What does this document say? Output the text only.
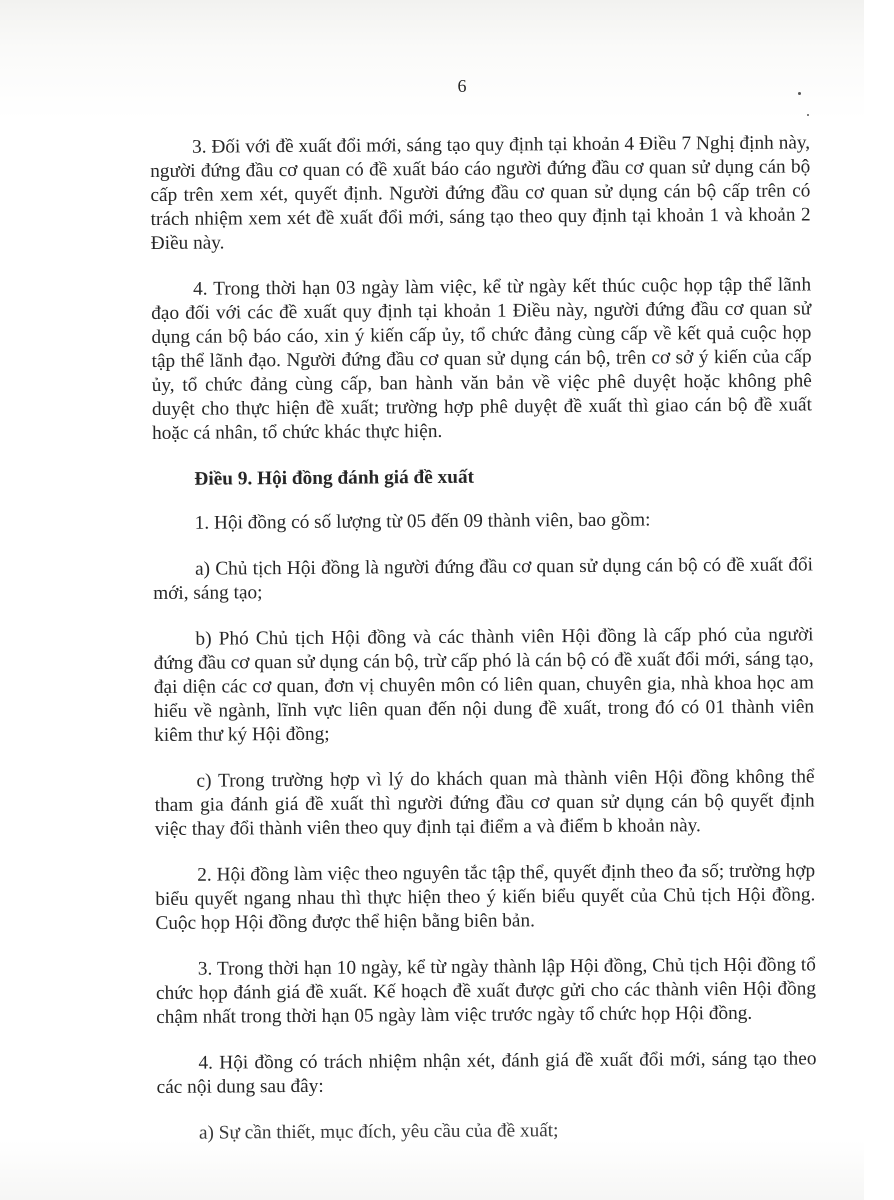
6

3. Đối với đề xuất đổi mới, sáng tạo quy định tại khoản 4 Điều 7 Nghị định này, người đứng đầu cơ quan có đề xuất báo cáo người đứng đầu cơ quan sử dụng cán bộ cấp trên xem xét, quyết định. Người đứng đầu cơ quan sử dụng cán bộ cấp trên có trách nhiệm xem xét đề xuất đổi mới, sáng tạo theo quy định tại khoản 1 và khoản 2 Điều này.

4. Trong thời hạn 03 ngày làm việc, kể từ ngày kết thúc cuộc họp tập thể lãnh đạo đối với các đề xuất quy định tại khoản 1 Điều này, người đứng đầu cơ quan sử dụng cán bộ báo cáo, xin ý kiến cấp ủy, tổ chức đảng cùng cấp về kết quả cuộc họp tập thể lãnh đạo. Người đứng đầu cơ quan sử dụng cán bộ, trên cơ sở ý kiến của cấp ủy, tổ chức đảng cùng cấp, ban hành văn bản về việc phê duyệt hoặc không phê duyệt cho thực hiện đề xuất; trường hợp phê duyệt đề xuất thì giao cán bộ đề xuất hoặc cá nhân, tổ chức khác thực hiện.

Điều 9. Hội đồng đánh giá đề xuất

1. Hội đồng có số lượng từ 05 đến 09 thành viên, bao gồm:

a) Chủ tịch Hội đồng là người đứng đầu cơ quan sử dụng cán bộ có đề xuất đổi mới, sáng tạo;

b) Phó Chủ tịch Hội đồng và các thành viên Hội đồng là cấp phó của người đứng đầu cơ quan sử dụng cán bộ, trừ cấp phó là cán bộ có đề xuất đổi mới, sáng tạo, đại diện các cơ quan, đơn vị chuyên môn có liên quan, chuyên gia, nhà khoa học am hiểu về ngành, lĩnh vực liên quan đến nội dung đề xuất, trong đó có 01 thành viên kiêm thư ký Hội đồng;

c) Trong trường hợp vì lý do khách quan mà thành viên Hội đồng không thể tham gia đánh giá đề xuất thì người đứng đầu cơ quan sử dụng cán bộ quyết định việc thay đổi thành viên theo quy định tại điểm a và điểm b khoản này.

2. Hội đồng làm việc theo nguyên tắc tập thể, quyết định theo đa số; trường hợp biểu quyết ngang nhau thì thực hiện theo ý kiến biểu quyết của Chủ tịch Hội đồng. Cuộc họp Hội đồng được thể hiện bằng biên bản.

3. Trong thời hạn 10 ngày, kể từ ngày thành lập Hội đồng, Chủ tịch Hội đồng tổ chức họp đánh giá đề xuất. Kế hoạch đề xuất được gửi cho các thành viên Hội đồng chậm nhất trong thời hạn 05 ngày làm việc trước ngày tổ chức họp Hội đồng.

4. Hội đồng có trách nhiệm nhận xét, đánh giá đề xuất đổi mới, sáng tạo theo các nội dung sau đây:

a) Sự cần thiết, mục đích, yêu cầu của đề xuất;
